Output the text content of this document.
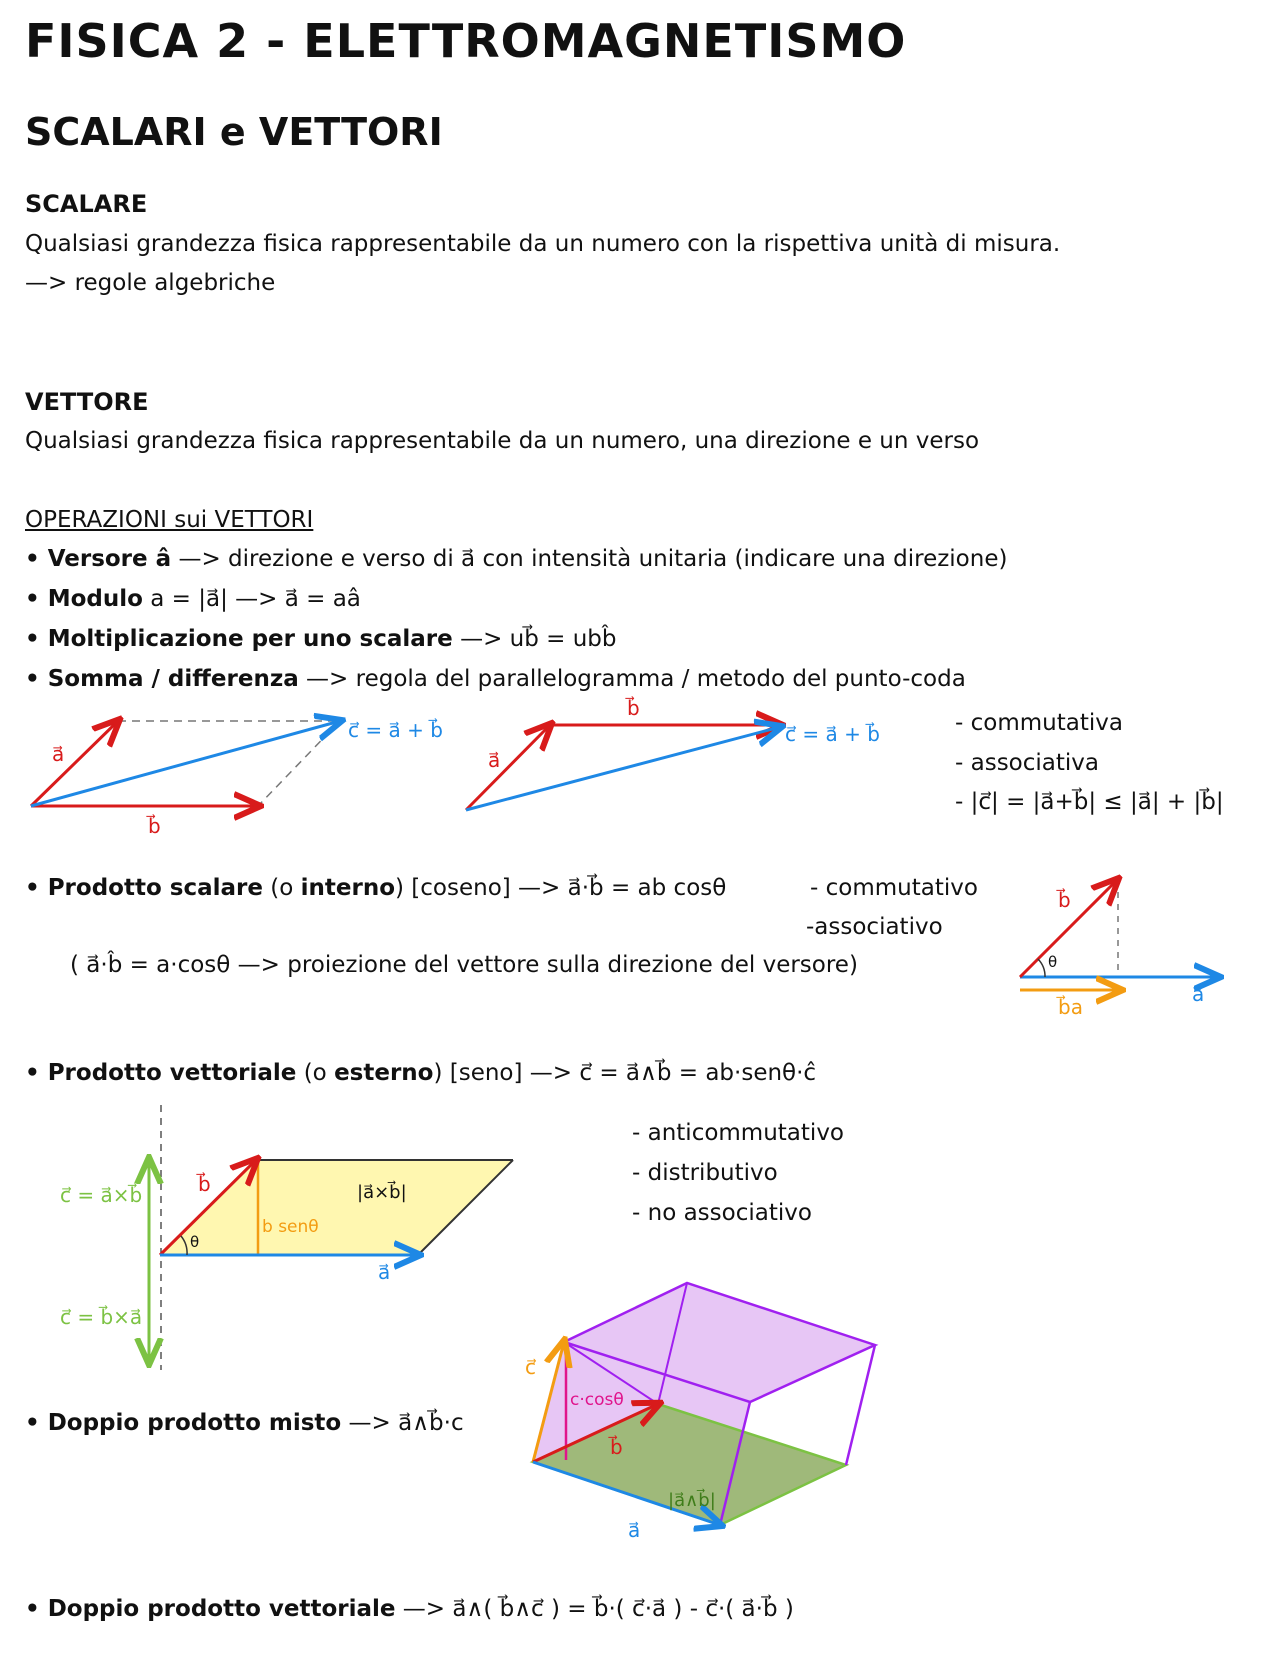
FISICA 2 - ELETTROMAGNETISMO
SCALARI e VETTORI
SCALARE
Qualsiasi grandezza fisica rappresentabile da un numero con la rispettiva unità di misura.
—> regole algebriche
VETTORE
Qualsiasi grandezza fisica rappresentabile da un numero, una direzione e un verso
OPERAZIONI sui VETTORI
• Versore â —> direzione e verso di a⃗ con intensità unitaria (indicare una direzione)
• Modulo a = |a⃗| —> a⃗ = aâ
• Moltiplicazione per uno scalare —> ub⃗ = ubb̂
• Somma / differenza —> regola del parallelogramma / metodo del punto-coda
a⃗
b⃗
c⃗ = a⃗ + b⃗
a⃗
b⃗
c⃗ = a⃗ + b⃗	- commutativa
- associativa
- |c⃗| = |a⃗+b⃗| ≤ |a⃗| + |b⃗|
• Prodotto scalare (o interno) [coseno] —> a⃗·b⃗ = ab cosθ	- commutativo
-associativo
( a⃗·b̂ = a·cosθ —> proiezione del vettore sulla direzione del versore)
b⃗
θ
b⃗a
a⃗
• Prodotto vettoriale (o esterno) [seno] —> c⃗ = a⃗∧b⃗ = ab·senθ·ĉ
- anticommutativo
- distributivo
- no associativo
c⃗ = a⃗×b⃗
c⃗ = b⃗×a⃗
b⃗
θ
b senθ
|a⃗×b⃗|
a⃗
• Doppio prodotto misto —> a⃗∧b⃗·c
c⃗
c·cosθ
b⃗
|a⃗∧b⃗|
a⃗
• Doppio prodotto vettoriale —> a⃗∧( b⃗∧c⃗ ) = b⃗·( c⃗·a⃗ ) - c⃗·( a⃗·b⃗ )
